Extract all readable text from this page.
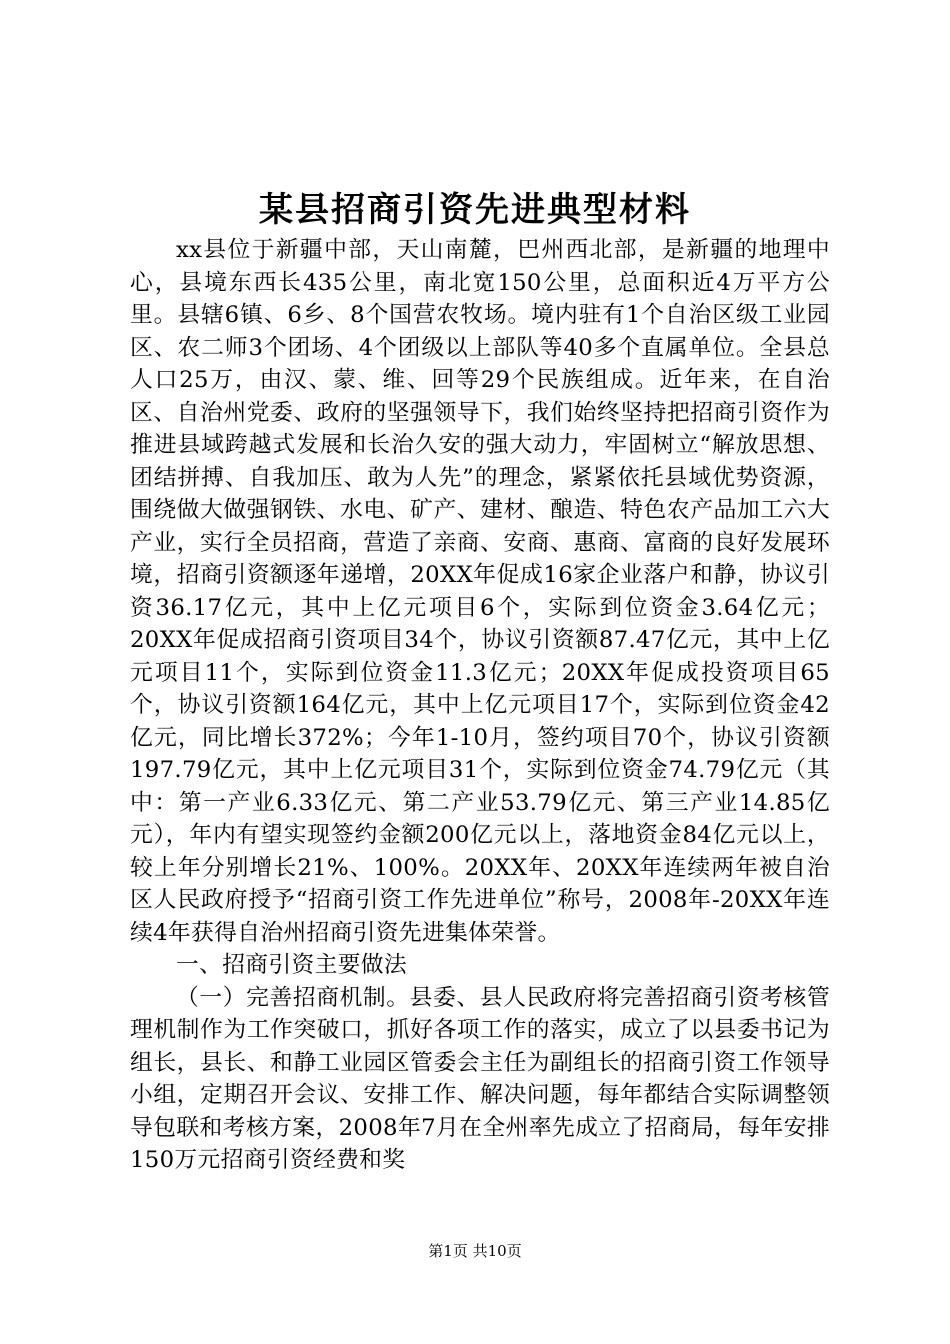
某县招商引资先进典型材料

xx县位于新疆中部，天山南麓，巴州西北部，是新疆的地理中心，县境东西长435公里，南北宽150公里，总面积近4万平方公里。县辖6镇、6乡、8个国营农牧场。境内驻有1个自治区级工业园区、农二师3个团场、4个团级以上部队等40多个直属单位。全县总人口25万，由汉、蒙、维、回等29个民族组成。近年来，在自治区、自治州党委、政府的坚强领导下，我们始终坚持把招商引资作为推进县域跨越式发展和长治久安的强大动力，牢固树立“解放思想、团结拼搏、自我加压、敢为人先”的理念，紧紧依托县域优势资源，围绕做大做强钢铁、水电、矿产、建材、酿造、特色农产品加工六大产业，实行全员招商，营造了亲商、安商、惠商、富商的良好发展环境，招商引资额逐年递增，20XX年促成16家企业落户和静，协议引资36.17亿元，其中上亿元项目6个，实际到位资金3.64亿元；20XX年促成招商引资项目34个，协议引资额87.47亿元，其中上亿元项目11个，实际到位资金11.3亿元；20XX年促成投资项目65个，协议引资额164亿元，其中上亿元项目17个，实际到位资金42亿元，同比增长372%；今年1-10月，签约项目70个，协议引资额197.79亿元，其中上亿元项目31个，实际到位资金74.79亿元（其中：第一产业6.33亿元、第二产业53.79亿元、第三产业14.85亿元），年内有望实现签约金额200亿元以上，落地资金84亿元以上，较上年分别增长21%、100%。20XX年、20XX年连续两年被自治区人民政府授予“招商引资工作先进单位”称号，2008年-20XX年连续4年获得自治州招商引资先进集体荣誉。

一、招商引资主要做法

（一）完善招商机制。县委、县人民政府将完善招商引资考核管理机制作为工作突破口，抓好各项工作的落实，成立了以县委书记为组长，县长、和静工业园区管委会主任为副组长的招商引资工作领导小组，定期召开会议、安排工作、解决问题，每年都结合实际调整领导包联和考核方案，2008年7月在全州率先成立了招商局，每年安排150万元招商引资经费和奖

第1页 共10页
